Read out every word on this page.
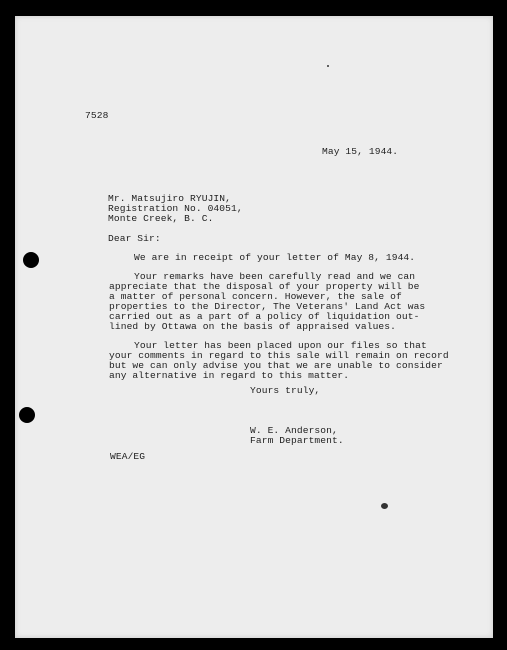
7528
May 15, 1944.
Mr. Matsujiro RYUJIN,
Registration No. 04051,
Monte Creek, B. C.
Dear Sir:
We are in receipt of your letter of May 8, 1944.
Your remarks have been carefully read and we can
appreciate that the disposal of your property will be
a matter of personal concern. However, the sale of
properties to the Director, The Veterans' Land Act was
carried out as a part of a policy of liquidation out-
lined by Ottawa on the basis of appraised values.
Your letter has been placed upon our files so that
your comments in regard to this sale will remain on record
but we can only advise you that we are unable to consider
any alternative in regard to this matter.
Yours truly,
W. E. Anderson,
Farm Department.
WEA/EG
